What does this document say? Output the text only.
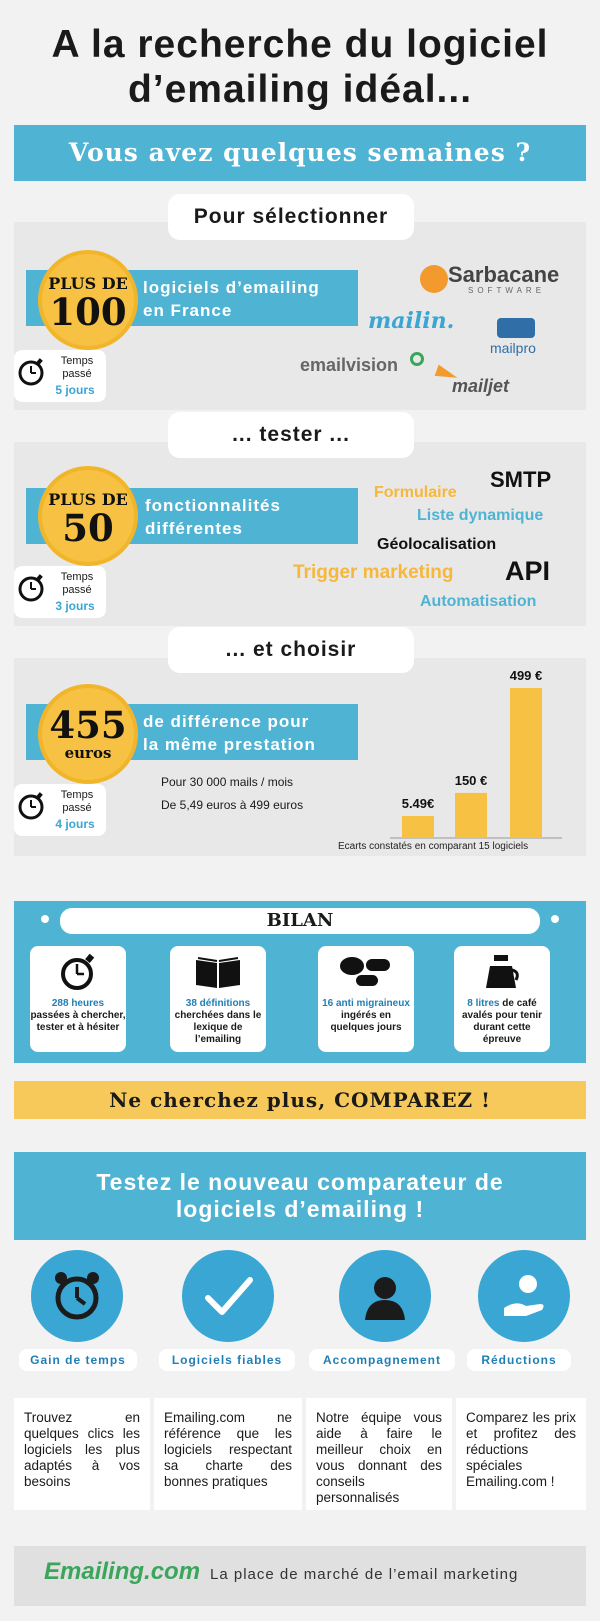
A la recherche du logiciel
d’emailing idéal...
Vous avez quelques semaines ?
Pour sélectionner
logiciels d’emailing
en France
PLUS DE
100
Temps passé
5 jours
Sarbacane
SOFTWARE
mailin.
mailpro
emailvision
mailjet
... tester ...
fonctionnalités
différentes
PLUS DE
50
Temps passé
3 jours
SMTP
Formulaire
Liste dynamique
Géolocalisation
Trigger marketing API
Automatisation
... et choisir
de différence pour
la même prestation
455
euros
Pour 30 000 mails / mois
De 5,49 euros à 499 euros
Temps passé
4 jours
5.49€
150 €
499 €
Ecarts constatés en comparant 15 logiciels
BILAN
288 heures
passées à chercher, tester et à hésiter
38 définitions
cherchées dans le lexique de l’emailing
16 anti migraineux
ingérés en quelques jours
8 litres de café avalés pour tenir durant cette épreuve
Ne cherchez plus, COMPAREZ !
Testez le nouveau comparateur de
logiciels d’emailing !
Gain de temps	Logiciels fiables	Accompagnement	Réductions
Trouvez en quelques clics les logiciels les plus adaptés à vos besoins
Emailing.com ne référence que les logiciels respectant sa charte des bonnes pratiques
Notre équipe vous aide à faire le meilleur choix en vous donnant des conseils personnalisés
Comparez les prix et profitez des réductions spéciales Emailing.com !
Emailing.com La place de marché de l’email marketing
